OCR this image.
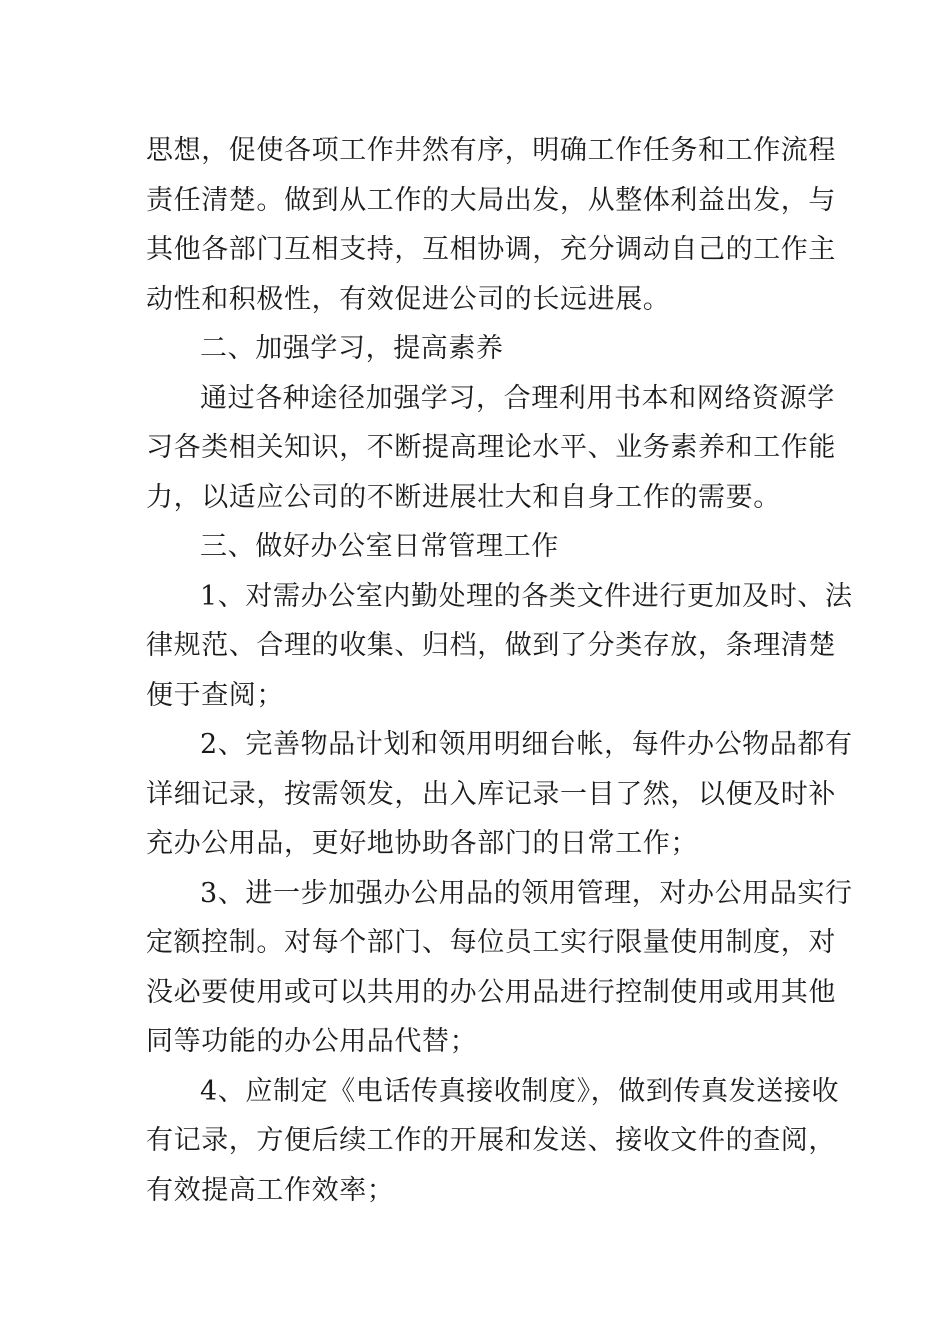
思想，促使各项工作井然有序，明确工作任务和工作流程
责任清楚。做到从工作的大局出发，从整体利益出发，与
其他各部门互相支持，互相协调，充分调动自己的工作主
动性和积极性，有效促进公司的长远进展。
二、加强学习，提高素养
通过各种途径加强学习，合理利用书本和网络资源学
习各类相关知识，不断提高理论水平、业务素养和工作能
力，以适应公司的不断进展壮大和自身工作的需要。
三、做好办公室日常管理工作
1、对需办公室内勤处理的各类文件进行更加及时、法
律规范、合理的收集、归档，做到了分类存放，条理清楚
便于查阅；
2、完善物品计划和领用明细台帐，每件办公物品都有
详细记录，按需领发，出入库记录一目了然，以便及时补
充办公用品，更好地协助各部门的日常工作；
3、进一步加强办公用品的领用管理，对办公用品实行
定额控制。对每个部门、每位员工实行限量使用制度，对
没必要使用或可以共用的办公用品进行控制使用或用其他
同等功能的办公用品代替；
4、应制定《电话传真接收制度》，做到传真发送接收
有记录，方便后续工作的开展和发送、接收文件的查阅，
有效提高工作效率；
